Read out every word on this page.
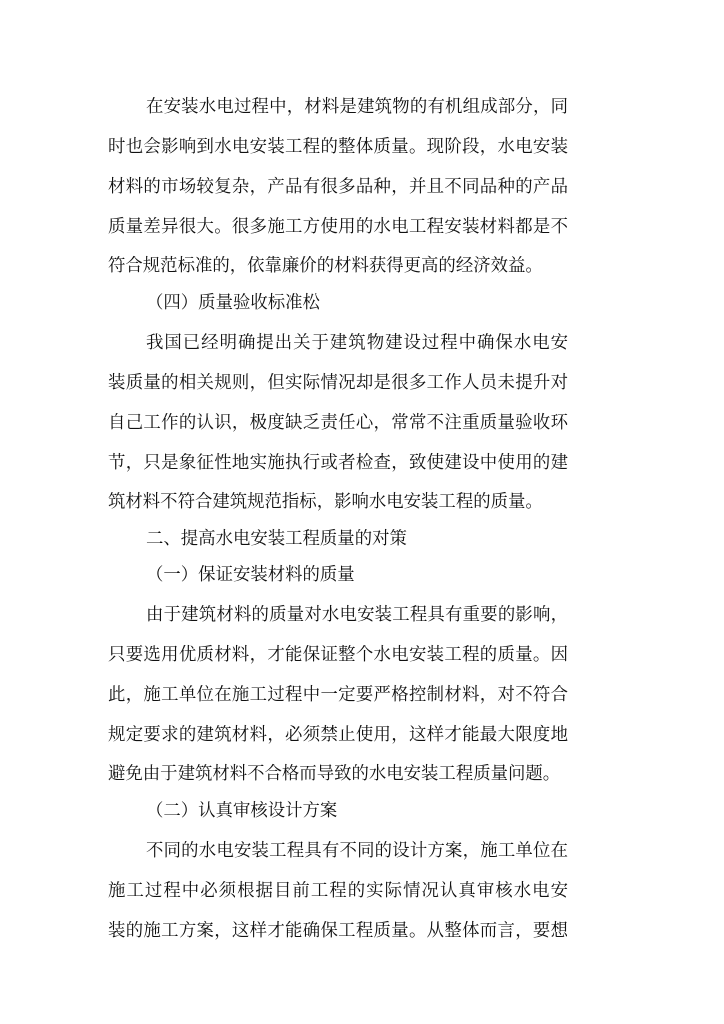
在安装水电过程中，材料是建筑物的有机组成部分，同

时也会影响到水电安装工程的整体质量。现阶段，水电安装

材料的市场较复杂，产品有很多品种，并且不同品种的产品

质量差异很大。很多施工方使用的水电工程安装材料都是不

符合规范标准的，依靠廉价的材料获得更高的经济效益。

（四）质量验收标准松

我国已经明确提出关于建筑物建设过程中确保水电安

装质量的相关规则，但实际情况却是很多工作人员未提升对

自己工作的认识，极度缺乏责任心，常常不注重质量验收环

节，只是象征性地实施执行或者检查，致使建设中使用的建

筑材料不符合建筑规范指标，影响水电安装工程的质量。

二、提高水电安装工程质量的对策

（一）保证安装材料的质量

由于建筑材料的质量对水电安装工程具有重要的影响，

只要选用优质材料，才能保证整个水电安装工程的质量。因

此，施工单位在施工过程中一定要严格控制材料，对不符合

规定要求的建筑材料，必须禁止使用，这样才能最大限度地

避免由于建筑材料不合格而导致的水电安装工程质量问题。

（二）认真审核设计方案

不同的水电安装工程具有不同的设计方案，施工单位在

施工过程中必须根据目前工程的实际情况认真审核水电安

装的施工方案，这样才能确保工程质量。从整体而言，要想
